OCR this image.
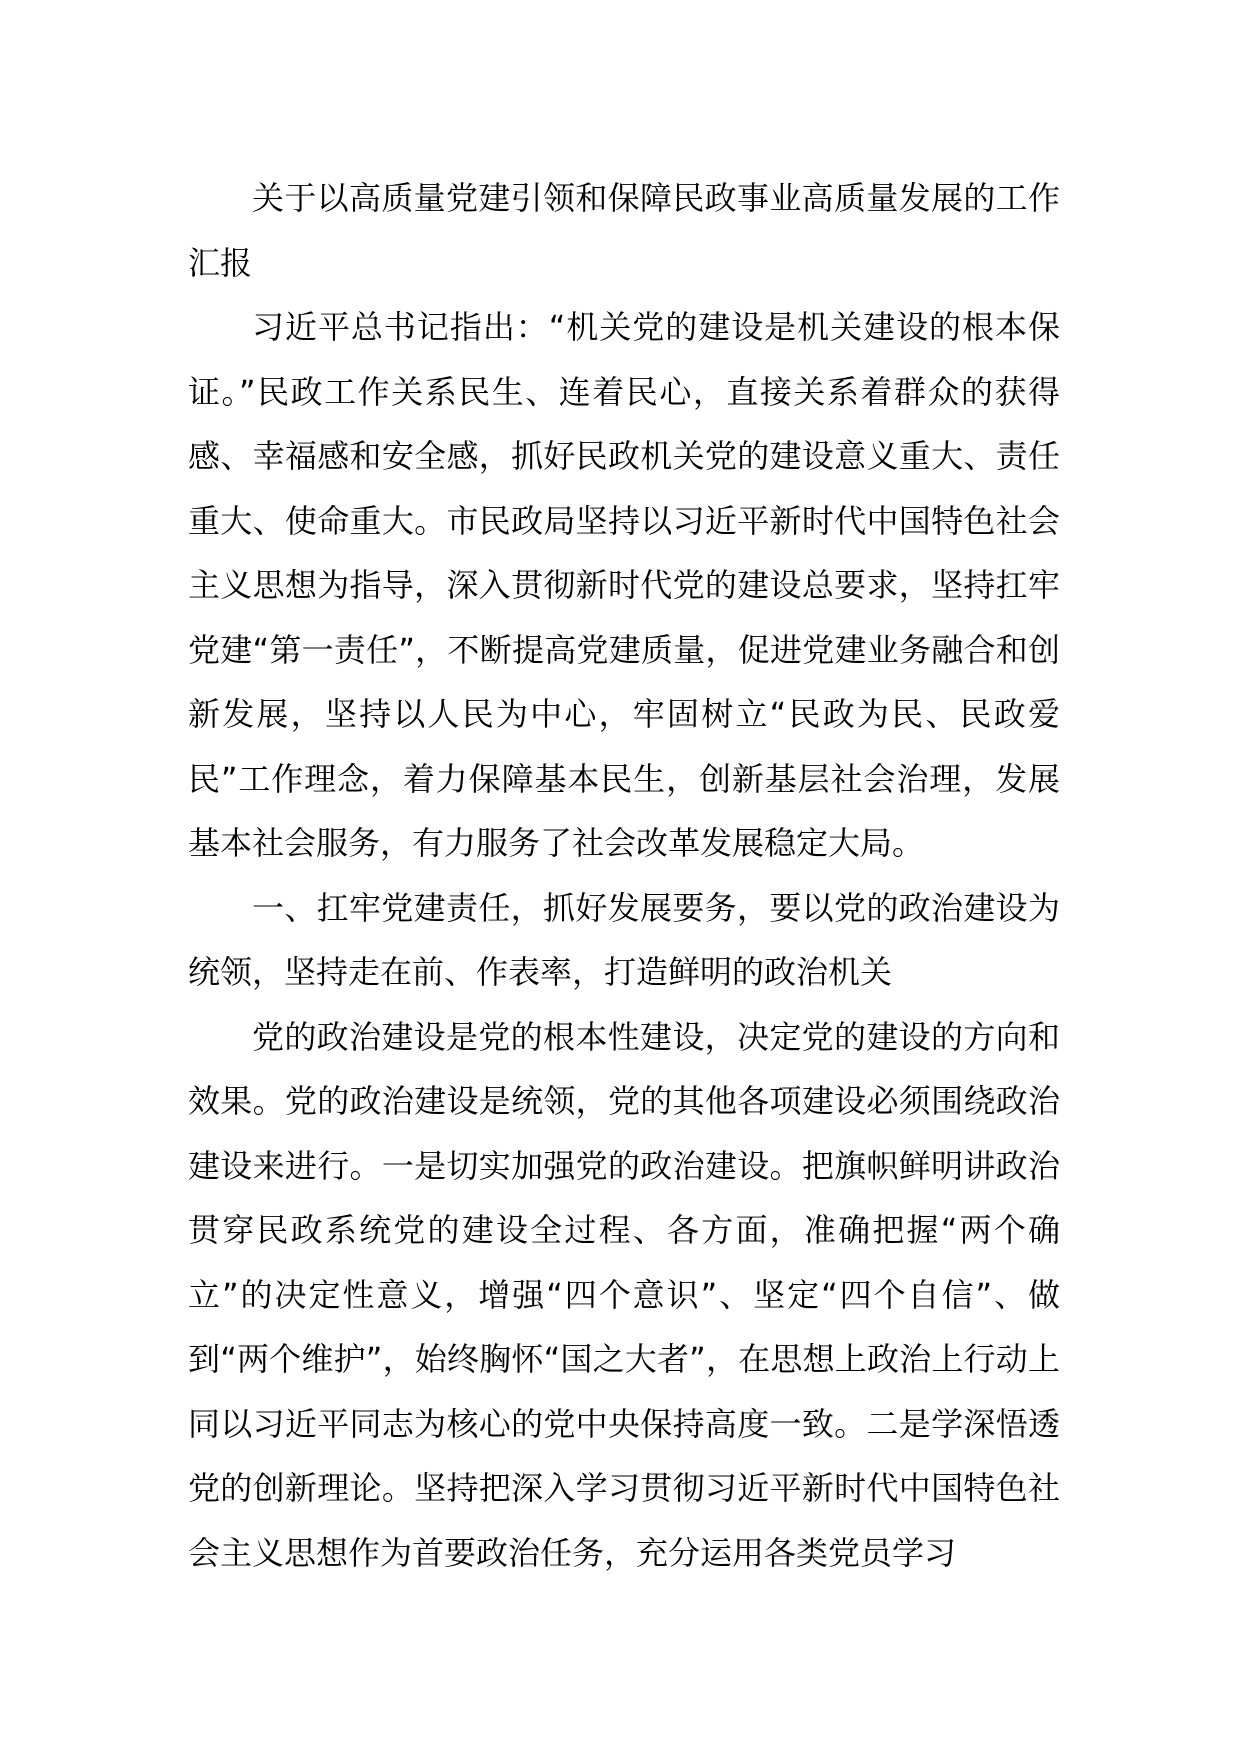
关于以高质量党建引领和保障民政事业高质量发展的工作汇报

习近平总书记指出：“机关党的建设是机关建设的根本保证。”民政工作关系民生、连着民心，直接关系着群众的获得感、幸福感和安全感，抓好民政机关党的建设意义重大、责任重大、使命重大。市民政局坚持以习近平新时代中国特色社会主义思想为指导，深入贯彻新时代党的建设总要求，坚持扛牢党建“第一责任”，不断提高党建质量，促进党建业务融合和创新发展，坚持以人民为中心，牢固树立“民政为民、民政爱民”工作理念，着力保障基本民生，创新基层社会治理，发展基本社会服务，有力服务了社会改革发展稳定大局。

一、扛牢党建责任，抓好发展要务，要以党的政治建设为统领，坚持走在前、作表率，打造鲜明的政治机关

党的政治建设是党的根本性建设，决定党的建设的方向和效果。党的政治建设是统领，党的其他各项建设必须围绕政治建设来进行。一是切实加强党的政治建设。把旗帜鲜明讲政治贯穿民政系统党的建设全过程、各方面，准确把握“两个确立”的决定性意义，增强“四个意识”、坚定“四个自信”、做到“两个维护”，始终胸怀“国之大者”，在思想上政治上行动上同以习近平同志为核心的党中央保持高度一致。二是学深悟透党的创新理论。坚持把深入学习贯彻习近平新时代中国特色社会主义思想作为首要政治任务，充分运用各类党员学习
